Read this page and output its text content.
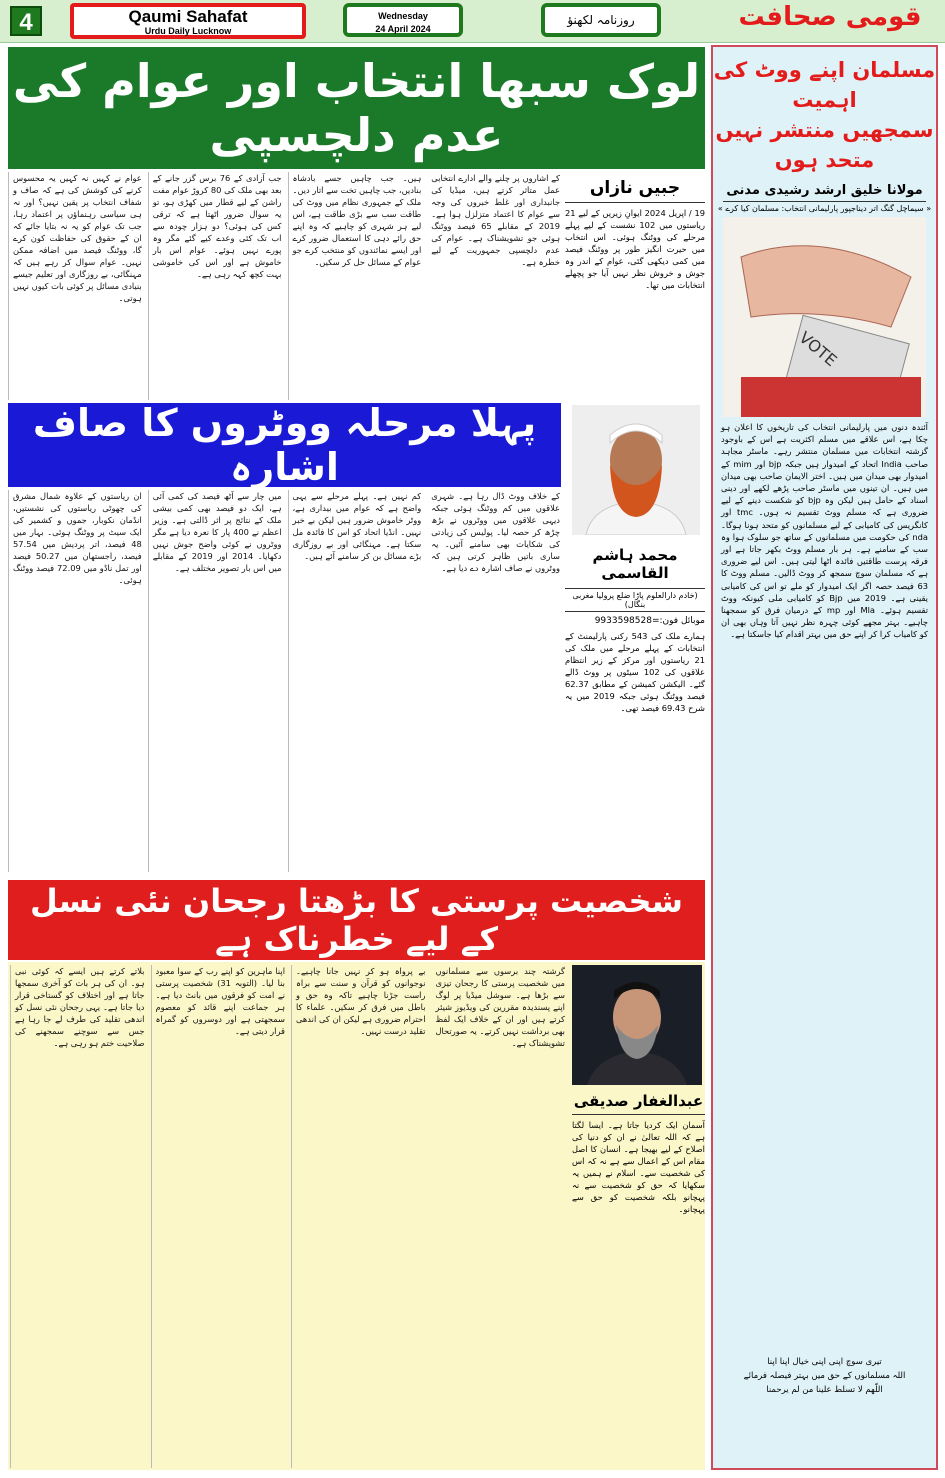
4	Qaumi Sahafat
Urdu Daily Lucknow
Wednesday
24 April 2024
روزنامہ لکھنؤ	قومی صحافت
لوک سبھا انتخاب اور عوام کی عدم دلچسپی
جبیں نازاں
19 / اپریل 2024 ایوانِ زیریں کے لیے 21 ریاستوں میں 102 نشست کے لیے پہلے مرحلے کی ووٹنگ ہوئی۔ اس انتخاب میں حیرت انگیز طور پر ووٹنگ فیصد میں کمی دیکھی گئی، عوام کے اندر وہ جوش و خروش نظر نہیں آیا جو پچھلے انتخابات میں تھا۔
عوام نے کہیں نہ کہیں یہ محسوس کرنے کی کوشش کی ہے کہ صاف و شفاف انتخاب پر یقین نہیں؟ اور نہ ہی سیاسی رہنماؤں پر اعتماد رہا، جب تک عوام کو یہ نہ بتایا جائے کہ ان کے حقوق کی حفاظت کون کرے گا، ووٹنگ فیصد میں اضافہ ممکن نہیں۔ عوام سوال کر رہے ہیں کہ مہنگائی، بے روزگاری اور تعلیم جیسے بنیادی مسائل پر کوئی بات کیوں نہیں ہوتی۔
جب آزادی کے 76 برس گزر جانے کے بعد بھی ملک کی 80 کروڑ عوام مفت راشن کے لیے قطار میں کھڑی ہو، تو یہ سوال ضرور اٹھتا ہے کہ ترقی کس کی ہوئی؟ دو ہزار چودہ سے اب تک کئی وعدے کیے گئے مگر وہ پورے نہیں ہوئے۔ عوام اس بار خاموش ہے اور اس کی خاموشی بہت کچھ کہہ رہی ہے۔
ہیں۔ جب چاہیں جسے بادشاہ بنادیں، جب چاہیں تخت سے اتار دیں۔ ملک کے جمہوری نظام میں ووٹ کی طاقت سب سے بڑی طاقت ہے، اس لیے ہر شہری کو چاہیے کہ وہ اپنے حق رائے دہی کا استعمال ضرور کرے اور ایسے نمائندوں کو منتخب کرے جو عوام کے مسائل حل کر سکیں۔
کے اشاروں پر چلنے والے ادارے انتخابی عمل متاثر کرتے ہیں، میڈیا کی جانبداری اور غلط خبروں کی وجہ سے عوام کا اعتماد متزلزل ہوا ہے۔ 2019 کے مقابلے 65 فیصد ووٹنگ ہوئی جو تشویشناک ہے۔ عوام کی عدم دلچسپی جمہوریت کے لیے خطرہ ہے۔
پہلا مرحلہ ووٹروں کا صاف اشارہ
محمد ہاشم القاسمی
(خادم دارالعلوم پاڑا ضلع پرولیا مغربی بنگال)
موبائل فون:=9933598528
ہمارے ملک کی 543 رکنی پارلیمنٹ کے انتخابات کے پہلے مرحلے میں ملک کی 21 ریاستوں اور مرکز کے زیر انتظام علاقوں کی 102 سیٹوں پر ووٹ ڈالے گئے۔ الیکشن کمیشن کے مطابق 62.37 فیصد ووٹنگ ہوئی جبکہ 2019 میں یہ شرح 69.43 فیصد تھی۔
ان ریاستوں کے علاوہ شمال مشرق کی چھوٹی ریاستوں کی نشستیں، انڈمان نکوبار، جموں و کشمیر کی ایک سیٹ پر ووٹنگ ہوئی۔ بہار میں 48 فیصد، اتر پردیش میں 57.54 فیصد، راجستھان میں 50.27 فیصد اور تمل ناڈو میں 72.09 فیصد ووٹنگ ہوئی۔
میں چار سے آٹھ فیصد کی کمی آئی ہے، ایک دو فیصد بھی کمی بیشی ملک کے نتائج پر اثر ڈالتی ہے۔ وزیر اعظم نے 400 پار کا نعرہ دیا ہے مگر ووٹروں نے کوئی واضح جوش نہیں دکھایا۔ 2014 اور 2019 کے مقابلے میں اس بار تصویر مختلف ہے۔
کم نہیں ہے۔ پہلے مرحلے سے یہی واضح ہے کہ عوام میں بیداری ہے، ووٹر خاموش ضرور ہیں لیکن بے خبر نہیں۔ انڈیا اتحاد کو اس کا فائدہ مل سکتا ہے۔ مہنگائی اور بے روزگاری بڑے مسائل بن کر سامنے آئے ہیں۔
کے خلاف ووٹ ڈال رہا ہے۔ شہری علاقوں میں کم ووٹنگ ہوئی جبکہ دیہی علاقوں میں ووٹروں نے بڑھ چڑھ کر حصہ لیا۔ پولیس کی زیادتی کی شکایات بھی سامنے آئیں۔ یہ ساری باتیں ظاہر کرتی ہیں کہ ووٹروں نے صاف اشارہ دے دیا ہے۔
شخصیت پرستی کا بڑھتا رجحان نئی نسل کے لیے خطرناک ہے
عبدالغفار صدیقی
آسمان ایک کردیا جاتا ہے۔ ایسا لگتا ہے کہ اللہ تعالیٰ نے ان کو دنیا کی اصلاح کے لیے بھیجا ہے۔ انسان کا اصل مقام اس کے اعمال سے ہے نہ کہ اس کی شخصیت سے۔ اسلام نے ہمیں یہ سکھایا کہ حق کو شخصیت سے نہ پہچانو بلکہ شخصیت کو حق سے پہچانو۔
بلاتے کرتے ہیں ایسے کہ کوئی نبی ہو۔ ان کی ہر بات کو آخری سمجھا جاتا ہے اور اختلاف کو گستاخی قرار دیا جاتا ہے۔ یہی رجحان نئی نسل کو اندھی تقلید کی طرف لے جا رہا ہے جس سے سوچنے سمجھنے کی صلاحیت ختم ہو رہی ہے۔
اپنا ماہرین کو اپنے رب کے سوا معبود بنا لیا۔ (التوبہ 31) شخصیت پرستی نے امت کو فرقوں میں بانٹ دیا ہے۔ ہر جماعت اپنے قائد کو معصوم سمجھتی ہے اور دوسروں کو گمراہ قرار دیتی ہے۔
بے پرواہ ہو کر نہیں جانا چاہیے۔ نوجوانوں کو قرآن و سنت سے براہ راست جڑنا چاہیے تاکہ وہ حق و باطل میں فرق کر سکیں۔ علماء کا احترام ضروری ہے لیکن ان کی اندھی تقلید درست نہیں۔
گرشتہ چند برسوں سے مسلمانوں میں شخصیت پرستی کا رجحان تیزی سے بڑھا ہے۔ سوشل میڈیا پر لوگ اپنے پسندیدہ مقررین کی ویڈیوز شیئر کرتے ہیں اور ان کے خلاف ایک لفظ بھی برداشت نہیں کرتے۔ یہ صورتحال تشویشناک ہے۔
مسلمان اپنے ووٹ کی اہمیت
سمجھیں منتشر نہیں متحد ہوں
مولانا خلیق ارشد رشیدی مدنی
« سیماچل گنگ اتر دیناجپور پارلیمانی انتخاب: مسلمان کیا کرے »
VOTE
آئندہ دنوں میں پارلیمانی انتخاب کی تاریخوں کا اعلان ہو چکا ہے، اس علاقے میں مسلم اکثریت ہے اس کے باوجود گزشتہ انتخابات میں مسلمان منتشر رہے۔ ماسٹر مجاہد صاحب India اتحاد کے امیدوار ہیں جبکہ bjp اور mim کے امیدوار بھی میدان میں ہیں۔ اختر الایمان صاحب بھی میدان میں ہیں۔ ان تینوں میں ماسٹر صاحب پڑھے لکھے اور دینی اسناد کے حامل ہیں لیکن وہ bjp کو شکست دینے کے لیے ضروری ہے کہ مسلم ووٹ تقسیم نہ ہوں۔ tmc اور کانگریس کی کامیابی کے لیے مسلمانوں کو متحد ہونا ہوگا۔ nda کی حکومت میں مسلمانوں کے ساتھ جو سلوک ہوا وہ سب کے سامنے ہے۔ ہر بار مسلم ووٹ بکھر جاتا ہے اور فرقہ پرست طاقتیں فائدہ اٹھا لیتی ہیں۔ اس لیے ضروری ہے کہ مسلمان سوچ سمجھ کر ووٹ ڈالیں۔ مسلم ووٹ کا 63 فیصد حصہ اگر ایک امیدوار کو ملے تو اس کی کامیابی یقینی ہے۔ 2019 میں Bjp کو کامیابی ملی کیونکہ ووٹ تقسیم ہوئے۔ Mla اور mp کے درمیان فرق کو سمجھنا چاہیے۔ بہتر مجھے کوئی چہرہ نظر نہیں آتا وہاں بھی ان کو کامیاب کرا کر اپنے حق میں بہتر اقدام کیا جاسکتا ہے۔
تیری سوچ اپنی اپنی خیال اپنا اپنا
اللہ مسلمانوں کے حق میں بہتر فیصلہ فرمائے
اللّھم لا تسلط علینا من لم یرحمنا
